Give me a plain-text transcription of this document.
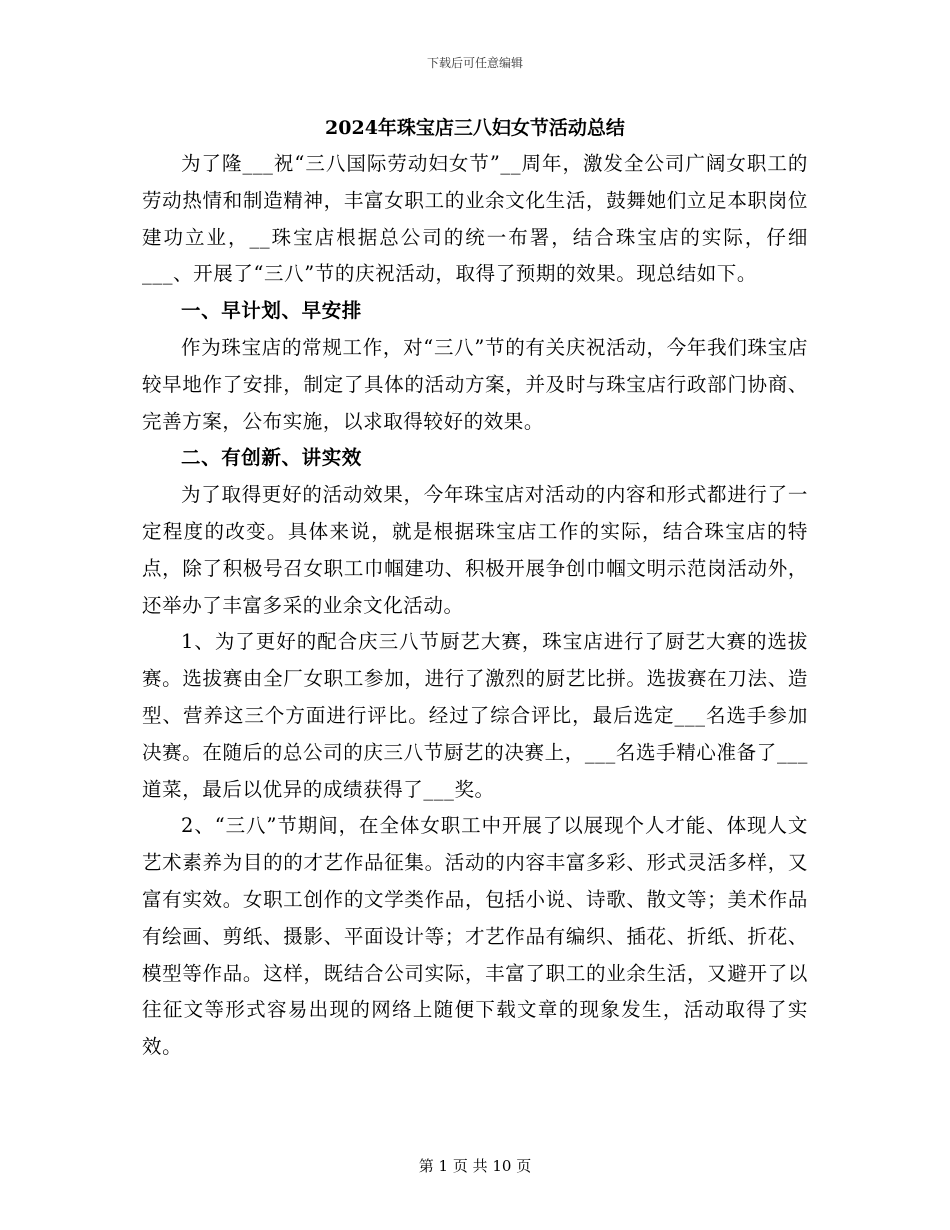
下载后可任意编辑
2024年珠宝店三八妇女节活动总结

为了隆___祝“三八国际劳动妇女节”__周年，激发全公司广阔女职工的劳动热情和制造精神，丰富女职工的业余文化生活，鼓舞她们立足本职岗位建功立业，__珠宝店根据总公司的统一布署，结合珠宝店的实际，仔细___、开展了“三八”节的庆祝活动，取得了预期的效果。现总结如下。

一、早计划、早安排

作为珠宝店的常规工作，对“三八”节的有关庆祝活动，今年我们珠宝店较早地作了安排，制定了具体的活动方案，并及时与珠宝店行政部门协商、完善方案，公布实施，以求取得较好的效果。

二、有创新、讲实效

为了取得更好的活动效果，今年珠宝店对活动的内容和形式都进行了一定程度的改变。具体来说，就是根据珠宝店工作的实际，结合珠宝店的特点，除了积极号召女职工巾帼建功、积极开展争创巾帼文明示范岗活动外，还举办了丰富多采的业余文化活动。

1、为了更好的配合庆三八节厨艺大赛，珠宝店进行了厨艺大赛的选拔赛。选拔赛由全厂女职工参加，进行了激烈的厨艺比拼。选拔赛在刀法、造型、营养这三个方面进行评比。经过了综合评比，最后选定___名选手参加决赛。在随后的总公司的庆三八节厨艺的决赛上，___名选手精心准备了___道菜，最后以优异的成绩获得了___奖。

2、“三八”节期间，在全体女职工中开展了以展现个人才能、体现人文艺术素养为目的的才艺作品征集。活动的内容丰富多彩、形式灵活多样，又富有实效。女职工创作的文学类作品，包括小说、诗歌、散文等；美术作品有绘画、剪纸、摄影、平面设计等；才艺作品有编织、插花、折纸、折花、模型等作品。这样，既结合公司实际，丰富了职工的业余生活，又避开了以往征文等形式容易出现的网络上随便下载文章的现象发生，活动取得了实效。

第 1 页 共 10 页
